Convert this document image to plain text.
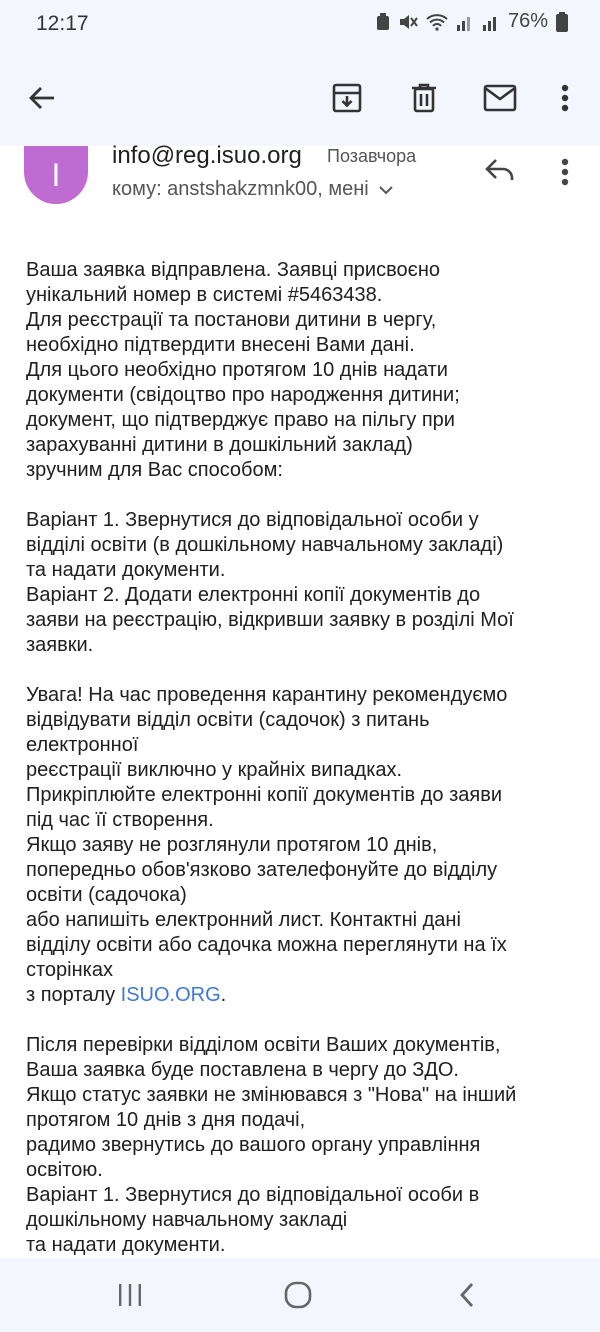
12:17	76%
I
info@reg.isuo.org Позавчора
кому: anstshakzmnk00, мені

Ваша заявка відправлена. Заявці присвоєно
унікальний номер в системі #5463438.
Для реєстрації та постанови дитини в чергу,
необхідно підтвердити внесені Вами дані.
Для цього необхідно протягом 10 днів надати
документи (свідоцтво про народження дитини;
документ, що підтверджує право на пільгу при
зарахуванні дитини в дошкільний заклад)
зручним для Вас способом:

Варіант 1. Звернутися до відповідальної особи у
відділі освіти (в дошкільному навчальному закладі)
та надати документи.
Варіант 2. Додати електронні копії документів до
заяви на реєстрацію, відкривши заявку в розділі Мої
заявки.

Увага! На час проведення карантину рекомендуємо
відвідувати відділ освіти (садочок) з питань
електронної
реєстрації виключно у крайніх випадках.
Прикріплюйте електронні копії документів до заяви
під час її створення.
Якщо заяву не розглянули протягом 10 днів,
попередньо обов'язково зателефонуйте до відділу
освіти (садочока)
або напишіть електронний лист. Контактні дані
відділу освіти або садочка можна переглянути на їх
сторінках
з порталу ISUO.ORG.

Після перевірки відділом освіти Ваших документів,
Ваша заявка буде поставлена в чергу до ЗДО.
Якщо статус заявки не змінювався з "Нова" на інший
протягом 10 днів з дня подачі,
радимо звернутись до вашого органу управління
освітою.
Варіант 1. Звернутися до відповідальної особи в
дошкільному навчальному закладі
та надати документи.
